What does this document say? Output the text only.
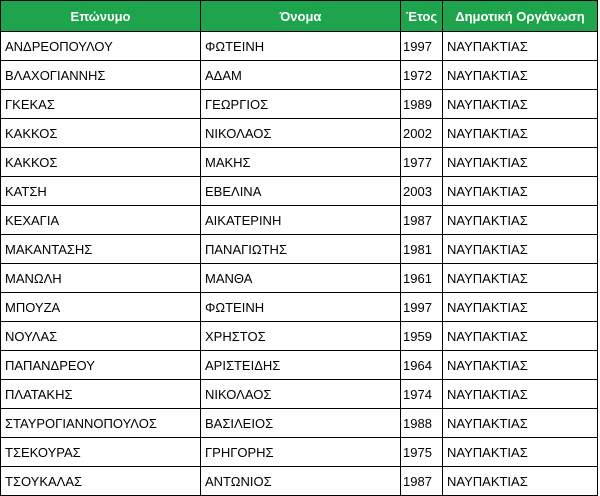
Επώνυμο	Όνομα	Έτος	Δημοτική Οργάνωση
ΑΝΔΡΕΟΠΟΥΛΟΥ	ΦΩΤΕΙΝΗ	1997	ΝΑΥΠΑΚΤΙΑΣ
ΒΛΑΧΟΓΙΑΝΝΗΣ	ΑΔΑΜ	1972	ΝΑΥΠΑΚΤΙΑΣ
ΓΚΕΚΑΣ	ΓΕΩΡΓΙΟΣ	1989	ΝΑΥΠΑΚΤΙΑΣ
ΚΑΚΚΟΣ	ΝΙΚΟΛΑΟΣ	2002	ΝΑΥΠΑΚΤΙΑΣ
ΚΑΚΚΟΣ	ΜΑΚΗΣ	1977	ΝΑΥΠΑΚΤΙΑΣ
ΚΑΤΣΗ	ΕΒΕΛΙΝΑ	2003	ΝΑΥΠΑΚΤΙΑΣ
ΚΕΧΑΓΙΑ	ΑΙΚΑΤΕΡΙΝΗ	1987	ΝΑΥΠΑΚΤΙΑΣ
ΜΑΚΑΝΤΑΣΗΣ	ΠΑΝΑΓΙΩΤΗΣ	1981	ΝΑΥΠΑΚΤΙΑΣ
ΜΑΝΩΛΗ	ΜΑΝΘΑ	1961	ΝΑΥΠΑΚΤΙΑΣ
ΜΠΟΥΖΑ	ΦΩΤΕΙΝΗ	1997	ΝΑΥΠΑΚΤΙΑΣ
ΝΟΥΛΑΣ	ΧΡΗΣΤΟΣ	1959	ΝΑΥΠΑΚΤΙΑΣ
ΠΑΠΑΝΔΡΕΟΥ	ΑΡΙΣΤΕΙΔΗΣ	1964	ΝΑΥΠΑΚΤΙΑΣ
ΠΛΑΤΑΚΗΣ	ΝΙΚΟΛΑΟΣ	1974	ΝΑΥΠΑΚΤΙΑΣ
ΣΤΑΥΡΟΓΙΑΝΝΟΠΟΥΛΟΣ	ΒΑΣΙΛΕΙΟΣ	1988	ΝΑΥΠΑΚΤΙΑΣ
ΤΣΕΚΟΥΡΑΣ	ΓΡΗΓΟΡΗΣ	1975	ΝΑΥΠΑΚΤΙΑΣ
ΤΣΟΥΚΑΛΑΣ	ΑΝΤΩΝΙΟΣ	1987	ΝΑΥΠΑΚΤΙΑΣ
